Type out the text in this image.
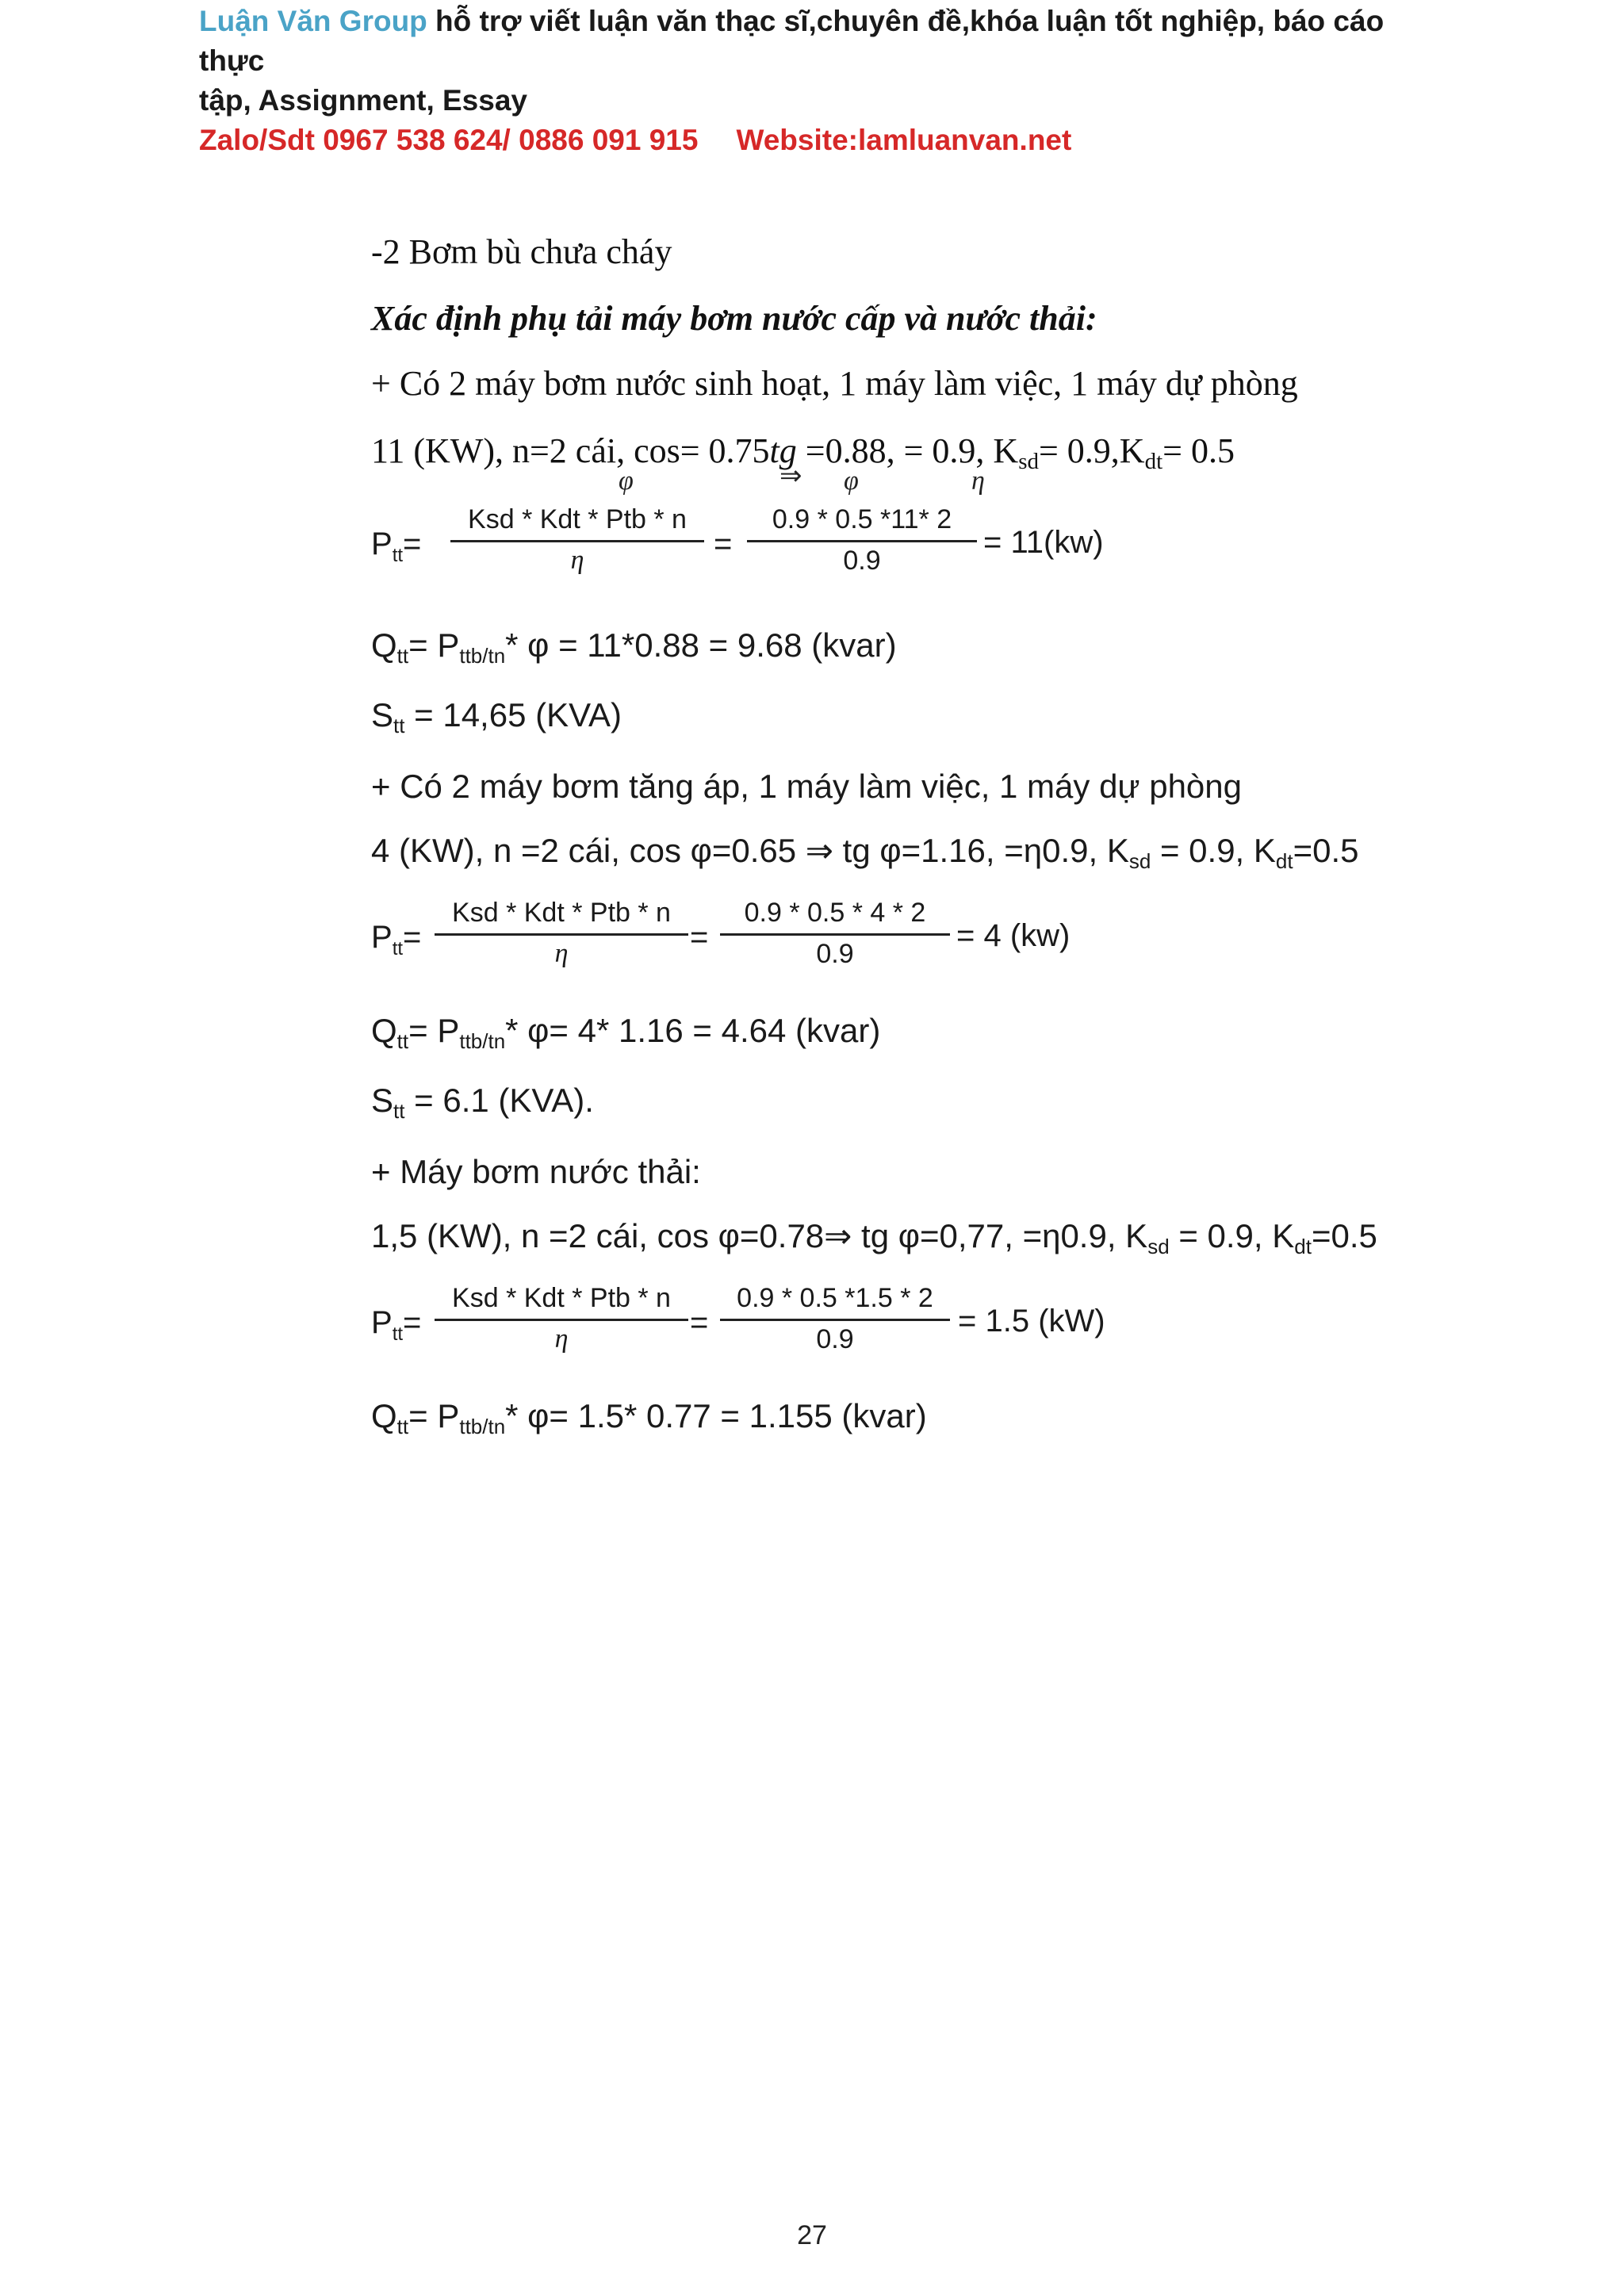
Luận Văn Group hỗ trợ viết luận văn thạc sĩ,chuyên đề,khóa luận tốt nghiệp, báo cáo thực
tập, Assignment, Essay
Zalo/Sdt 0967 538 624/ 0886 091 915 Website:lamluanvan.net
-2 Bơm bù chưa cháy
Xác định phụ tải máy bơm nước cấp và nước thải:
+ Có 2 máy bơm nước sinh hoạt, 1 máy làm việc, 1 máy dự phòng
11 (KW), n=2 cái, cos= 0.75tg =0.88, = 0.9, $K_{sd}= 0.9,K_{dt}= 0.5$
φ	⇒ φ	η
$P_{tt}=$
Ksd * Kdt * Ptb * n
η	=
0.9 * 0.5 *11* 2
0.9
= 11(kw)
$Q_{tt}= P_{ttb/tn}*$ φ = 11*0.88 = 9.68 (kvar)
$S_{tt} = 14,65$ (KVA)
+ Có 2 máy bơm tăng áp, 1 máy làm việc, 1 máy dự phòng
4 (KW), n =2 cái, cos φ=0.65 ⇒ tg φ=1.16, =η0.9, $K_{sd} = 0.9$, $K_{dt}=0.5$
$P_{tt}=$
Ksd * Kdt * Ptb * n
η	=
0.9 * 0.5 * 4 * 2
0.9
= 4 (kw)
$Q_{tt}= P_{ttb/tn}*$ φ= 4* 1.16 = 4.64 (kvar)
$S_{tt} = 6.1$ (KVA).
+ Máy bơm nước thải:
1,5 (KW), n =2 cái, cos φ=0.78⇒ tg φ=0,77, =η0.9, $K_{sd} = 0.9$, $K_{dt}=0.5$
$P_{tt}=$
Ksd * Kdt * Ptb * n
η	=
0.9 * 0.5 *1.5 * 2
0.9
= 1.5 (kW)
$Q_{tt}= P_{ttb/tn}*$ φ= 1.5* 0.77 = 1.155 (kvar)
27
